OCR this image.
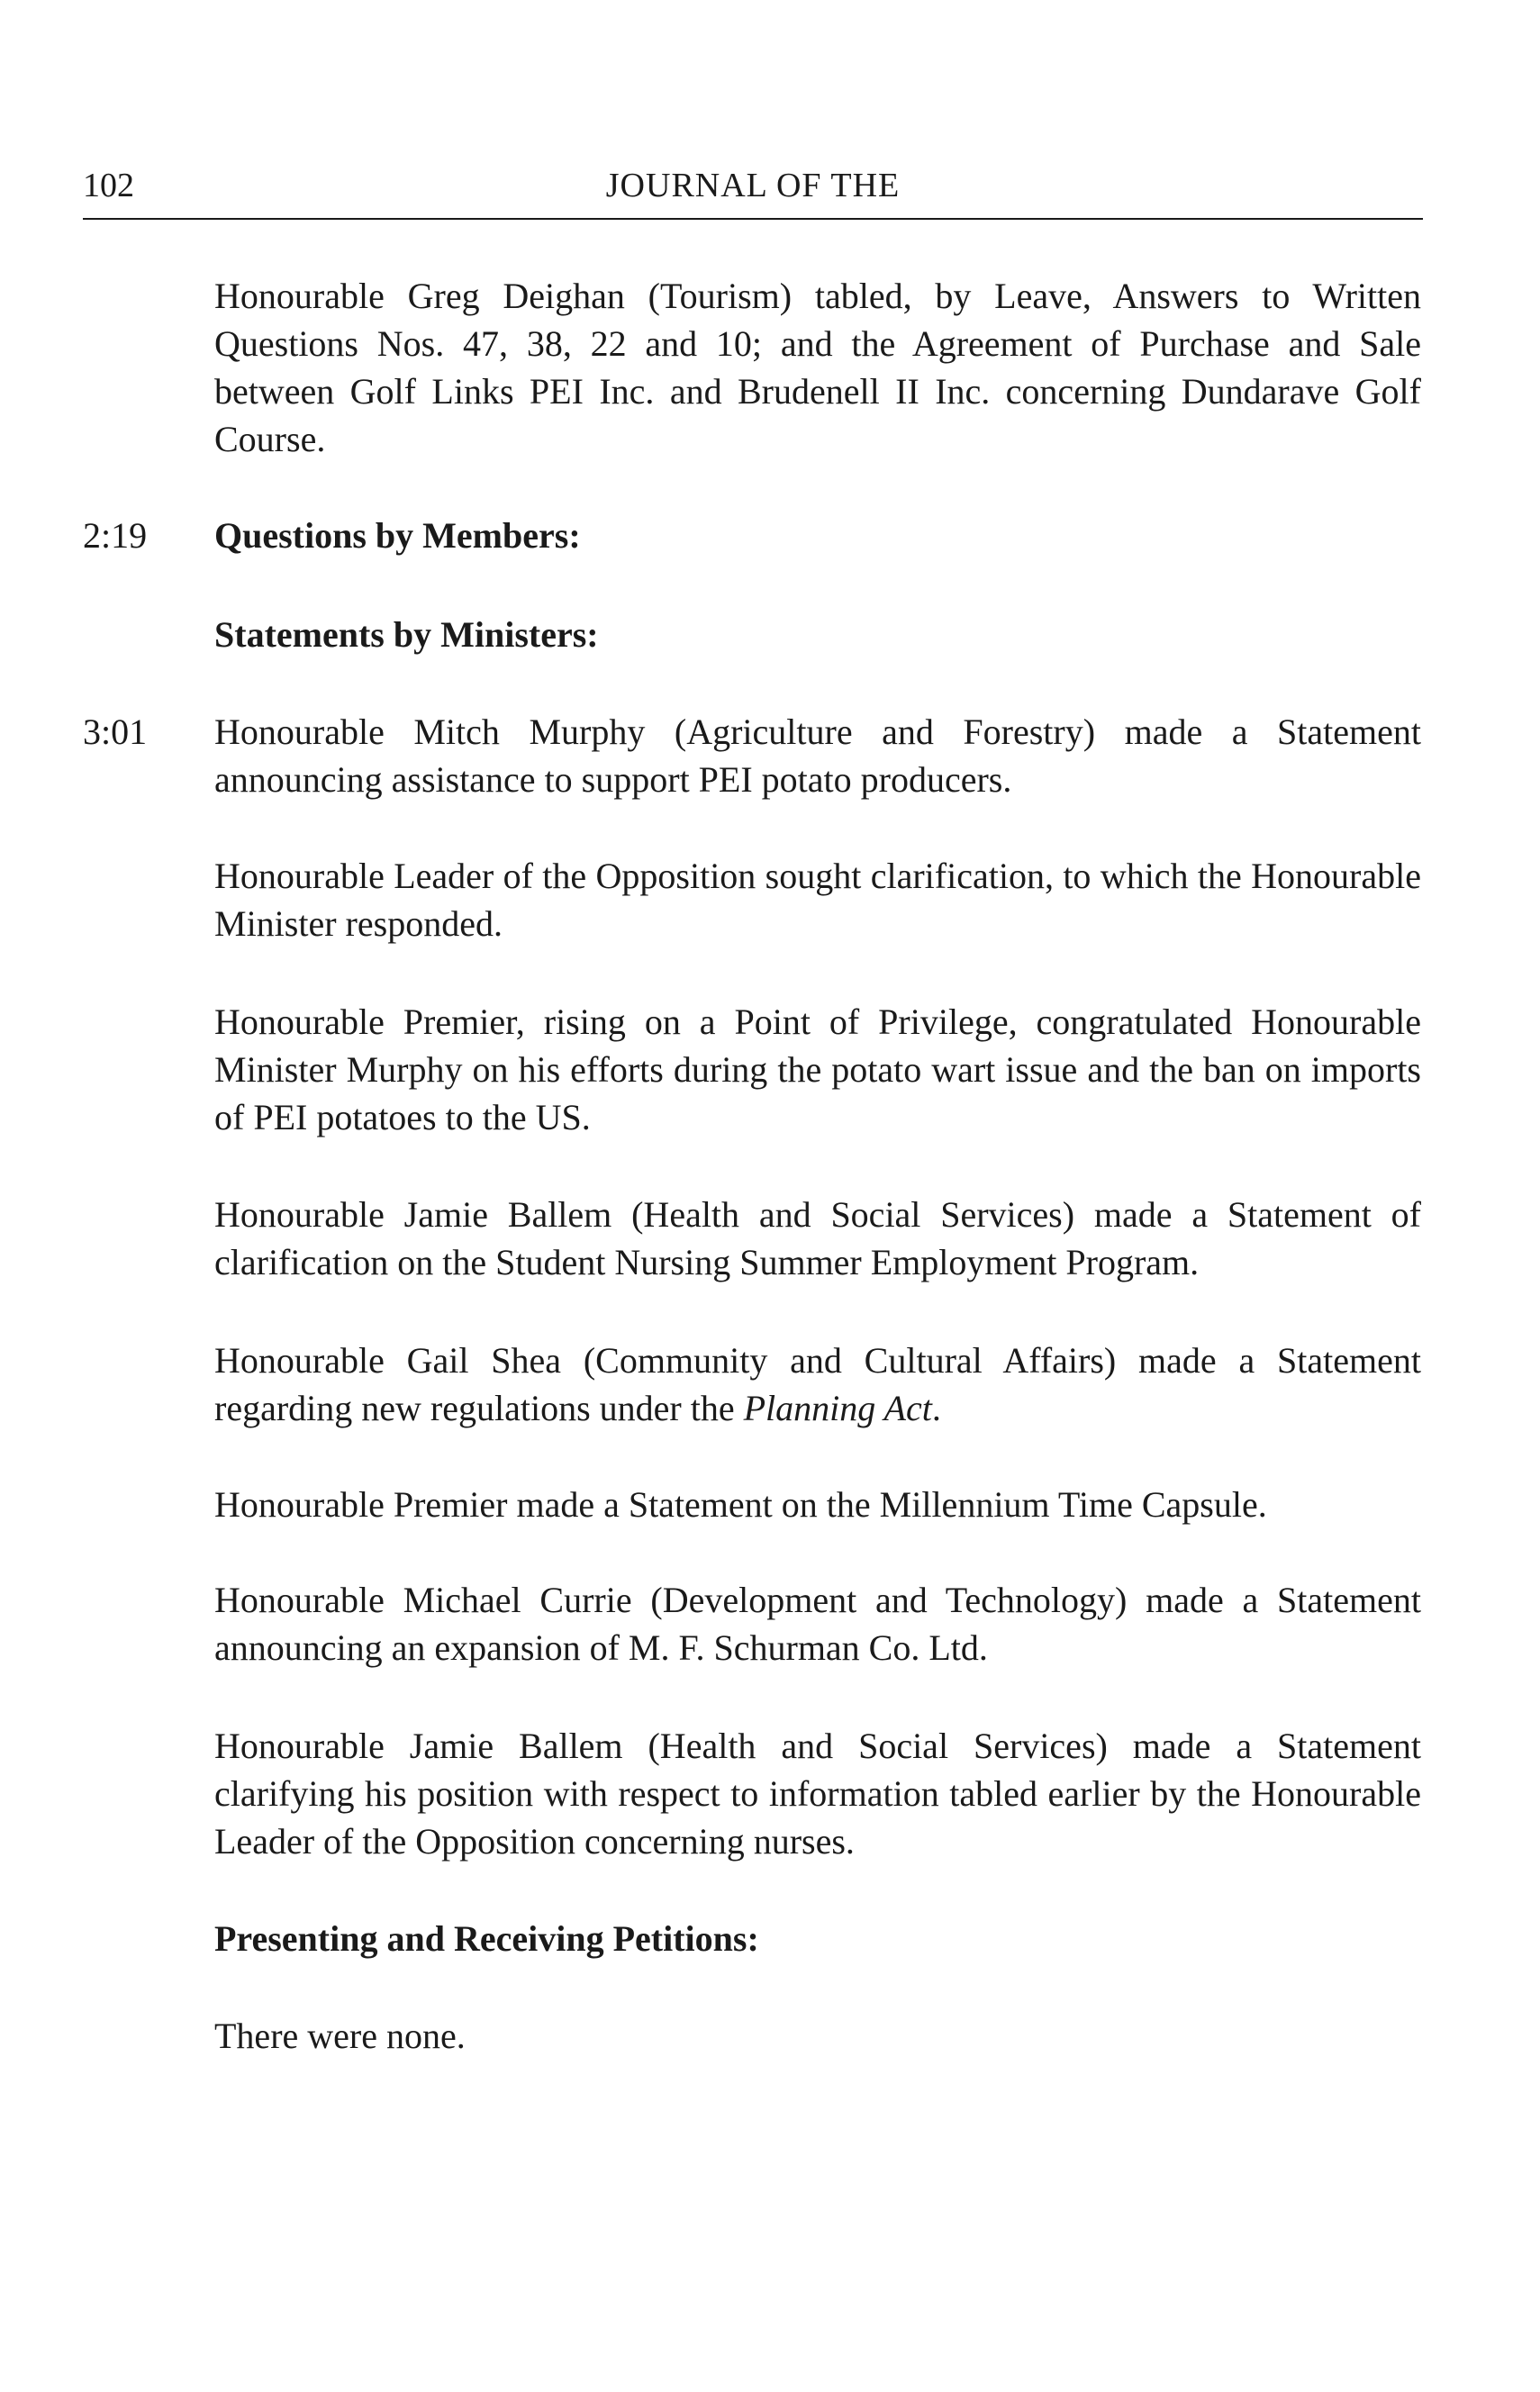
102	JOURNAL OF THE

Honourable Greg Deighan (Tourism) tabled, by Leave, Answers to Written Questions Nos. 47, 38, 22 and 10; and the Agreement of Purchase and Sale between Golf Links PEI Inc. and Brudenell II Inc. concerning Dundarave Golf Course.

2:19	Questions by Members:

Statements by Ministers:

3:01	Honourable Mitch Murphy (Agriculture and Forestry) made a Statement announcing assistance to support PEI potato producers.

Honourable Leader of the Opposition sought clarification, to which the Honourable Minister responded.

Honourable Premier, rising on a Point of Privilege, congratulated Honourable Minister Murphy on his efforts during the potato wart issue and the ban on imports of PEI potatoes to the US.

Honourable Jamie Ballem (Health and Social Services) made a Statement of clarification on the Student Nursing Summer Employment Program.

Honourable Gail Shea (Community and Cultural Affairs) made a Statement regarding new regulations under the Planning Act.

Honourable Premier made a Statement on the Millennium Time Capsule.

Honourable Michael Currie (Development and Technology) made a Statement announcing an expansion of M. F. Schurman Co. Ltd.

Honourable Jamie Ballem (Health and Social Services) made a Statement clarifying his position with respect to information tabled earlier by the Honourable Leader of the Opposition concerning nurses.

Presenting and Receiving Petitions:

There were none.
